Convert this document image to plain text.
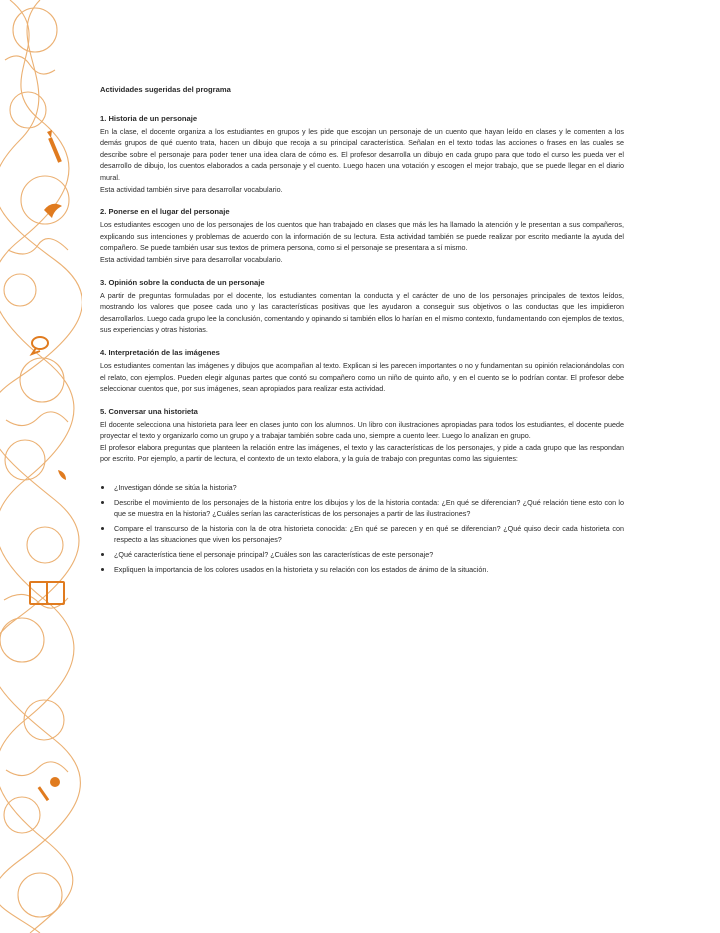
Actividades sugeridas del programa
1. Historia de un personaje

En la clase, el docente organiza a los estudiantes en grupos y les pide que escojan un personaje de un cuento que hayan leído en clases y le comenten a los demás grupos de qué cuento trata, hacen un dibujo que recoja a su principal característica. Señalan en el texto todas las acciones o frases en las cuales se describe sobre el personaje para poder tener una idea clara de cómo es. El profesor desarrolla un dibujo en cada grupo para que todo el curso les pueda ver el desarrollo de dibujo, los cuentos elaborados a cada personaje y el cuento. Luego hacen una votación y escogen el mejor trabajo, que se puede llegar en el diario mural.

Esta actividad también sirve para desarrollar vocabulario.

2. Ponerse en el lugar del personaje

Los estudiantes escogen uno de los personajes de los cuentos que han trabajado en clases que más les ha llamado la atención y le presentan a sus compañeros, explicando sus intenciones y problemas de acuerdo con la información de su lectura. Esta actividad también se puede realizar por escrito mediante la ayuda del compañero. Se puede también usar sus textos de primera persona, como si el personaje se presentara a sí mismo.

Esta actividad también sirve para desarrollar vocabulario.

3. Opinión sobre la conducta de un personaje

A partir de preguntas formuladas por el docente, los estudiantes comentan la conducta y el carácter de uno de los personajes principales de textos leídos, mostrando los valores que posee cada uno y las características positivas que les ayudaron a conseguir sus objetivos o las conductas que les impidieron desarrollarlos. Luego cada grupo lee la conclusión, comentando y opinando si también ellos lo harían en el mismo contexto, fundamentando con ejemplos de textos, sus experiencias y otras historias.

4. Interpretación de las imágenes

Los estudiantes comentan las imágenes y dibujos que acompañan al texto. Explican si les parecen importantes o no y fundamentan su opinión relacionándolas con el relato, con ejemplos. Pueden elegir algunas partes que contó su compañero como un niño de quinto año, y en el cuento se lo podrían contar. El profesor debe seleccionar cuentos que, por sus imágenes, sean apropiados para realizar esta actividad.

5. Conversar una historieta

El docente selecciona una historieta para leer en clases junto con los alumnos. Un libro con ilustraciones apropiadas para todos los estudiantes, el docente puede proyectar el texto y organizarlo como un grupo y a trabajar también sobre cada uno, siempre a cuento leer. Luego lo analizan en grupo.

El profesor elabora preguntas que planteen la relación entre las imágenes, el texto y las características de los personajes, y pide a cada grupo que las respondan por escrito. Por ejemplo, a partir de lectura, el contexto de un texto elabora, y la guía de trabajo con preguntas como las siguientes:

¿Investigan dónde se sitúa la historia?
Describe el movimiento de los personajes de la historia entre los dibujos y los de la historia contada: ¿En qué se diferencian? ¿Qué relación tiene esto con lo que se muestra en la historia? ¿Cuáles serían las características de los personajes a partir de las ilustraciones?
Compare el transcurso de la historia con la de otra historieta conocida: ¿En qué se parecen y en qué se diferencian? ¿Qué quiso decir cada historieta con respecto a las situaciones que viven los personajes?
¿Qué característica tiene el personaje principal? ¿Cuáles son las características de este personaje?
Expliquen la importancia de los colores usados en la historieta y su relación con los estados de ánimo de la situación.
